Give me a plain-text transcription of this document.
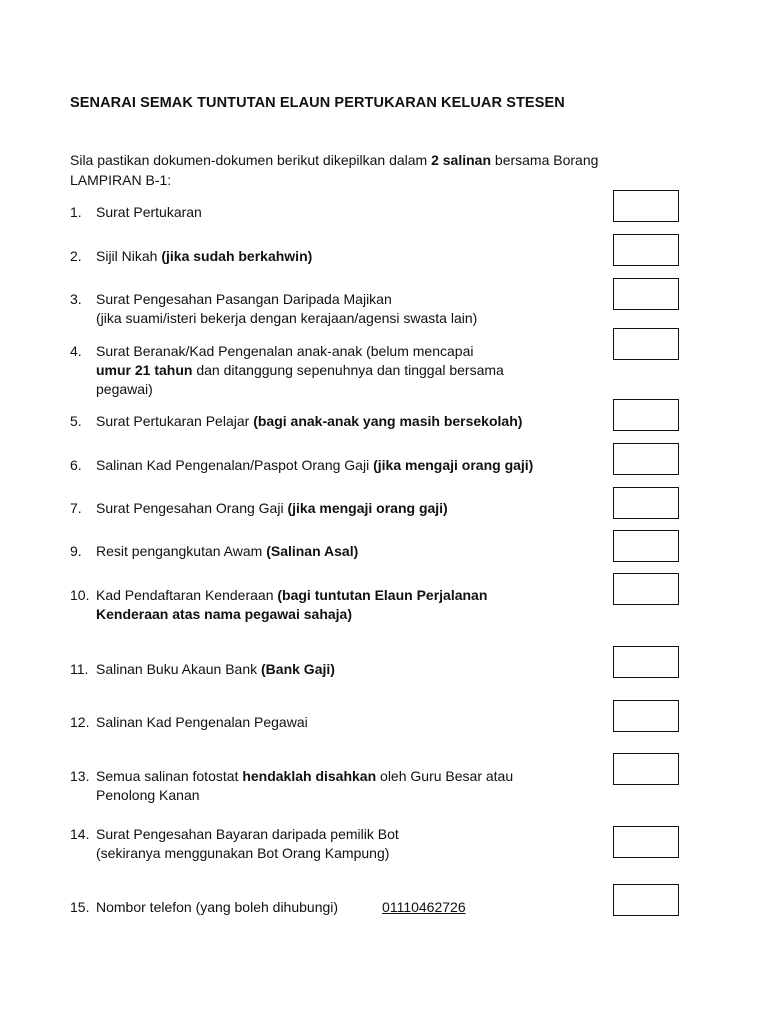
SENARAI SEMAK TUNTUTAN ELAUN PERTUKARAN KELUAR STESEN
Sila pastikan dokumen-dokumen berikut dikepilkan dalam 2 salinan bersama Borang LAMPIRAN B-1:
1. Surat Pertukaran
2. Sijil Nikah (jika sudah berkahwin)
3. Surat Pengesahan Pasangan Daripada Majikan
(jika suami/isteri bekerja dengan kerajaan/agensi swasta lain)
4. Surat Beranak/Kad Pengenalan anak-anak (belum mencapai
umur 21 tahun dan ditanggung sepenuhnya dan tinggal bersama
pegawai)
5. Surat Pertukaran Pelajar (bagi anak-anak yang masih bersekolah)
6. Salinan Kad Pengenalan/Paspot Orang Gaji (jika mengaji orang gaji)
7. Surat Pengesahan Orang Gaji (jika mengaji orang gaji)
9. Resit pengangkutan Awam (Salinan Asal)
10. Kad Pendaftaran Kenderaan (bagi tuntutan Elaun Perjalanan
Kenderaan atas nama pegawai sahaja)
11. Salinan Buku Akaun Bank (Bank Gaji)
12. Salinan Kad Pengenalan Pegawai
13. Semua salinan fotostat hendaklah disahkan oleh Guru Besar atau
Penolong Kanan
14. Surat Pengesahan Bayaran daripada pemilik Bot
(sekiranya menggunakan Bot Orang Kampung)
15. Nombor telefon (yang boleh dihubungi)	01110462726
